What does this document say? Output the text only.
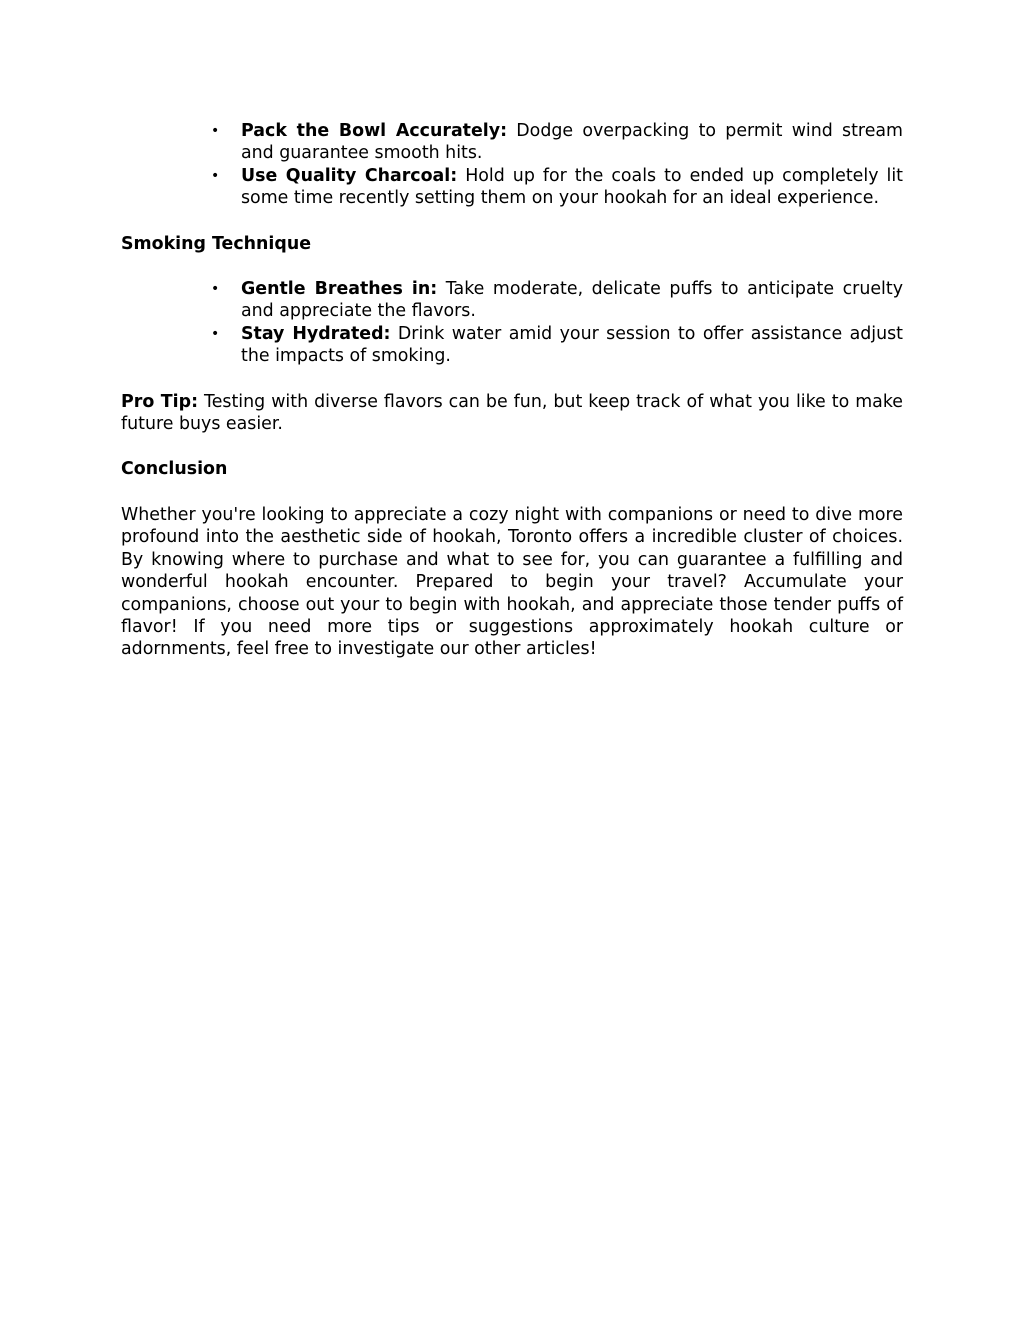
• Pack the Bowl Accurately: Dodge overpacking to permit wind stream and guarantee smooth hits.
• Use Quality Charcoal: Hold up for the coals to ended up completely lit some time recently setting them on your hookah for an ideal experience.
Smoking Technique
• Gentle Breathes in: Take moderate, delicate puffs to anticipate cruelty and appreciate the flavors.
• Stay Hydrated: Drink water amid your session to offer assistance adjust the impacts of smoking.

Pro Tip: Testing with diverse flavors can be fun, but keep track of what you like to make future buys easier.

Conclusion

Whether you're looking to appreciate a cozy night with companions or need to dive more profound into the aesthetic side of hookah, Toronto offers a incredible cluster of choices. By knowing where to purchase and what to see for, you can guarantee a fulfilling and wonderful hookah encounter. Prepared to begin your travel? Accumulate your companions, choose out your to begin with hookah, and appreciate those tender puffs of flavor! If you need more tips or suggestions approximately hookah culture or adornments, feel free to investigate our other articles!
